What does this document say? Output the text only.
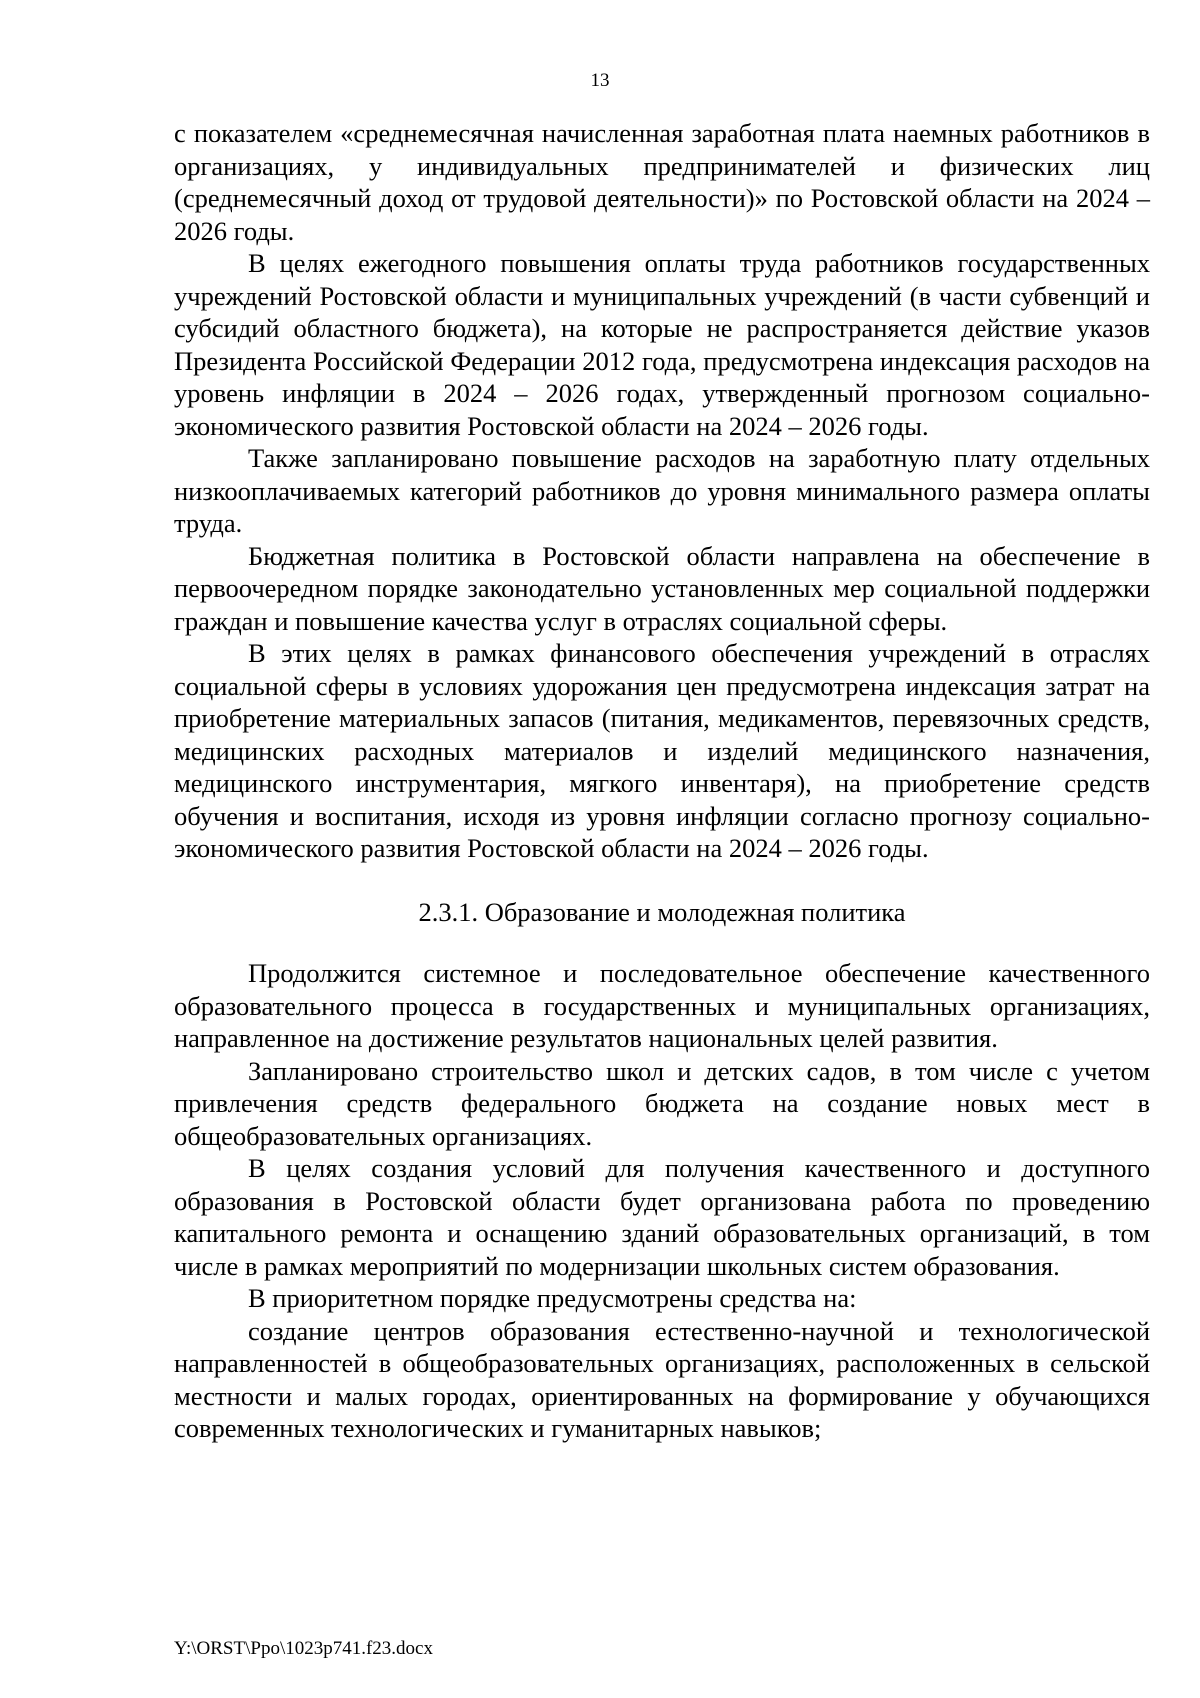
13

с показателем «среднемесячная начисленная заработная плата наемных работников в организациях, у индивидуальных предпринимателей и физических лиц (среднемесячный доход от трудовой деятельности)» по Ростовской области на 2024 – 2026 годы.

В целях ежегодного повышения оплаты труда работников государственных учреждений Ростовской области и муниципальных учреждений (в части субвенций и субсидий областного бюджета), на которые не распространяется действие указов Президента Российской Федерации 2012 года, предусмотрена индексация расходов на уровень инфляции в 2024 – 2026 годах, утвержденный прогнозом социально-экономического развития Ростовской области на 2024 – 2026 годы.

Также запланировано повышение расходов на заработную плату отдельных низкооплачиваемых категорий работников до уровня минимального размера оплаты труда.

Бюджетная политика в Ростовской области направлена на обеспечение в первоочередном порядке законодательно установленных мер социальной поддержки граждан и повышение качества услуг в отраслях социальной сферы.

В этих целях в рамках финансового обеспечения учреждений в отраслях социальной сферы в условиях удорожания цен предусмотрена индексация затрат на приобретение материальных запасов (питания, медикаментов, перевязочных средств, медицинских расходных материалов и изделий медицинского назначения, медицинского инструментария, мягкого инвентаря), на приобретение средств обучения и воспитания, исходя из уровня инфляции согласно прогнозу социально-экономического развития Ростовской области на 2024 – 2026 годы.

2.3.1. Образование и молодежная политика

Продолжится системное и последовательное обеспечение качественного образовательного процесса в государственных и муниципальных организациях, направленное на достижение результатов национальных целей развития.

Запланировано строительство школ и детских садов, в том числе с учетом привлечения средств федерального бюджета на создание новых мест в общеобразовательных организациях.

В целях создания условий для получения качественного и доступного образования в Ростовской области будет организована работа по проведению капитального ремонта и оснащению зданий образовательных организаций, в том числе в рамках мероприятий по модернизации школьных систем образования.

В приоритетном порядке предусмотрены средства на:

создание центров образования естественно-научной и технологической направленностей в общеобразовательных организациях, расположенных в сельской местности и малых городах, ориентированных на формирование у обучающихся современных технологических и гуманитарных навыков;

Y:\ORST\Ppo\1023p741.f23.docx
